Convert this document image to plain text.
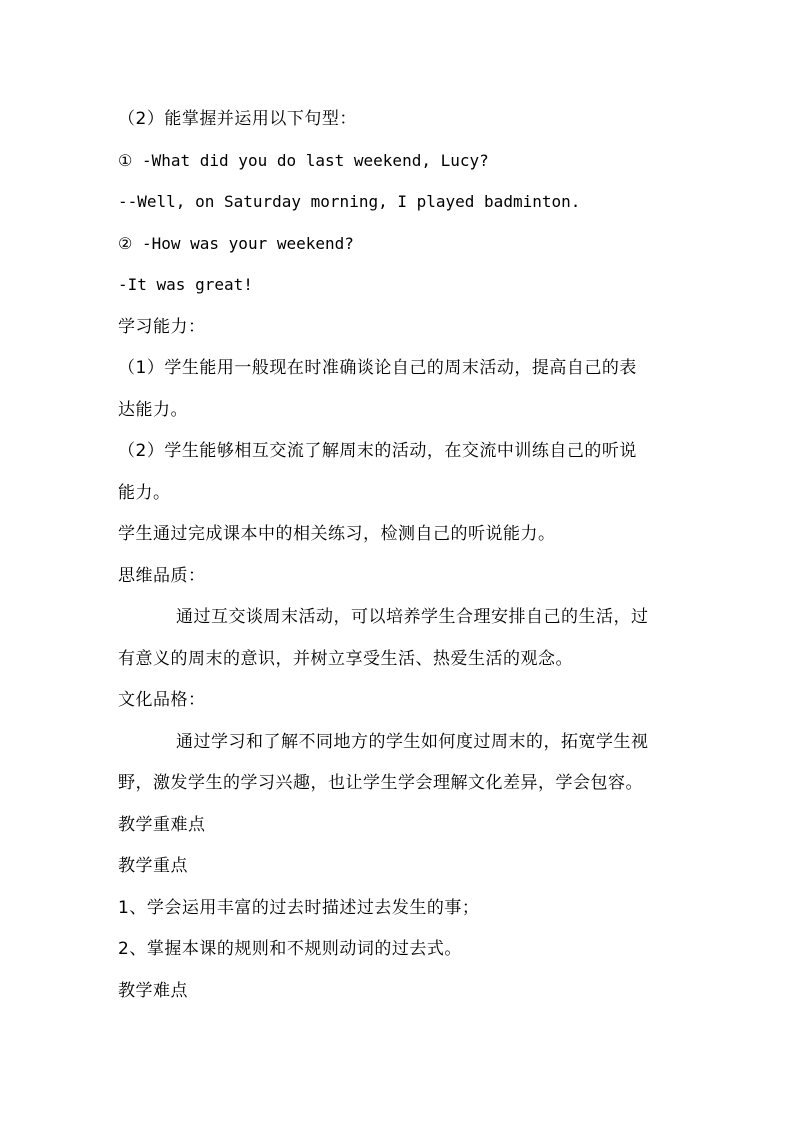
（2）能掌握并运用以下句型：
① -What did you do last weekend, Lucy?
--Well, on Saturday morning, I played badminton.
② -How was your weekend?
-It was great!
学习能力：
（1）学生能用一般现在时准确谈论自己的周末活动，提高自己的表
达能力。
（2）学生能够相互交流了解周末的活动，在交流中训练自己的听说
能力。
学生通过完成课本中的相关练习，检测自己的听说能力。
思维品质：
通过互交谈周末活动，可以培养学生合理安排自己的生活，过
有意义的周末的意识，并树立享受生活、热爱生活的观念。
文化品格：
通过学习和了解不同地方的学生如何度过周末的，拓宽学生视
野，激发学生的学习兴趣，也让学生学会理解文化差异，学会包容。
教学重难点
教学重点
1、学会运用丰富的过去时描述过去发生的事；
2、掌握本课的规则和不规则动词的过去式。
教学难点
